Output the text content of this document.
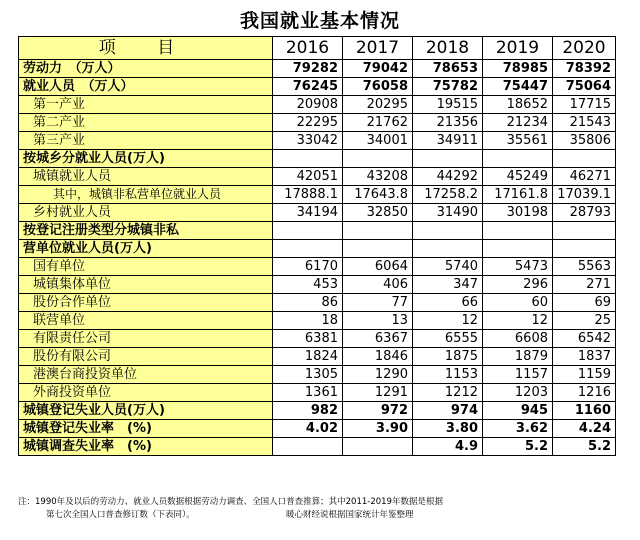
我国就业基本情况
项 目	2016	2017	2018	2019	2020
劳动力　（万人）	79282	79042	78653	78985	78392
就业人员　（万人）	76245	76058	75782	75447	75064
第一产业	20908	20295	19515	18652	17715
第二产业	22295	21762	21356	21234	21543
第三产业	33042	34001	34911	35561	35806
按城乡分就业人员(万人)					
城镇就业人员	42051	43208	44292	45249	46271
其中，城镇非私营单位就业人员	17888.1	17643.8	17258.2	17161.8	17039.1
乡村就业人员	34194	32850	31490	30198	28793
按登记注册类型分城镇非私					
营单位就业人员(万人)					
国有单位	6170	6064	5740	5473	5563
城镇集体单位	453	406	347	296	271
股份合作单位	86	77	66	60	69
联营单位	18	13	12	12	25
有限责任公司	6381	6367	6555	6608	6542
股份有限公司	1824	1846	1875	1879	1837
港澳台商投资单位	1305	1290	1153	1157	1159
外商投资单位	1361	1291	1212	1203	1216
城镇登记失业人员(万人)	982	972	974	945	1160
城镇登记失业率　(%)	4.02	3.90	3.80	3.62	4.24
城镇调查失业率　(%)			4.9	5.2	5.2
注：1990年及以后的劳动力、就业人员数据根据劳动力调查、全国人口普查推算；其中2011-2019年数据是根据
第七次全国人口普查修订数（下表同）。	暖心财经说根据国家统计年鉴整理
